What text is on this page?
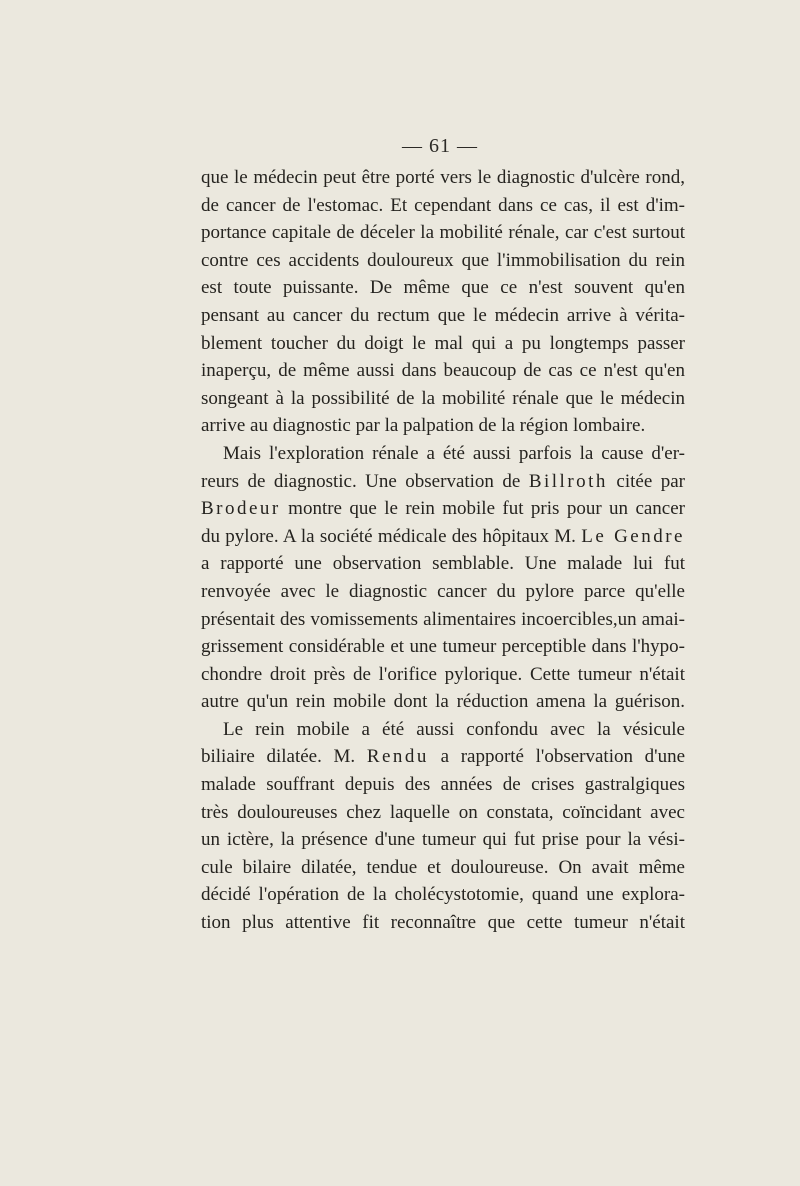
— 61 —
que le médecin peut être porté vers le diagnostic d'ulcère rond,
de cancer de l'estomac. Et cependant dans ce cas, il est d'im-
portance capitale de déceler la mobilité rénale, car c'est surtout
contre ces accidents douloureux que l'immobilisation du rein
est toute puissante. De même que ce n'est souvent qu'en
pensant au cancer du rectum que le médecin arrive à vérita-
blement toucher du doigt le mal qui a pu longtemps passer
inaperçu, de même aussi dans beaucoup de cas ce n'est qu'en
songeant à la possibilité de la mobilité rénale que le médecin
arrive au diagnostic par la palpation de la région lombaire.
Mais l'exploration rénale a été aussi parfois la cause d'er-
reurs de diagnostic. Une observation de Billroth citée par
Brodeur montre que le rein mobile fut pris pour un cancer
du pylore. A la société médicale des hôpitaux M. Le Gendre
a rapporté une observation semblable. Une malade lui fut
renvoyée avec le diagnostic cancer du pylore parce qu'elle
présentait des vomissements alimentaires incoercibles,un amai-
grissement considérable et une tumeur perceptible dans l'hypo-
chondre droit près de l'orifice pylorique. Cette tumeur n'était
autre qu'un rein mobile dont la réduction amena la guérison.
Le rein mobile a été aussi confondu avec la vésicule
biliaire dilatée. M. Rendu a rapporté l'observation d'une
malade souffrant depuis des années de crises gastralgiques
très douloureuses chez laquelle on constata, coïncidant avec
un ictère, la présence d'une tumeur qui fut prise pour la vési-
cule bilaire dilatée, tendue et douloureuse. On avait même
décidé l'opération de la cholécystotomie, quand une explora-
tion plus attentive fit reconnaître que cette tumeur n'était
